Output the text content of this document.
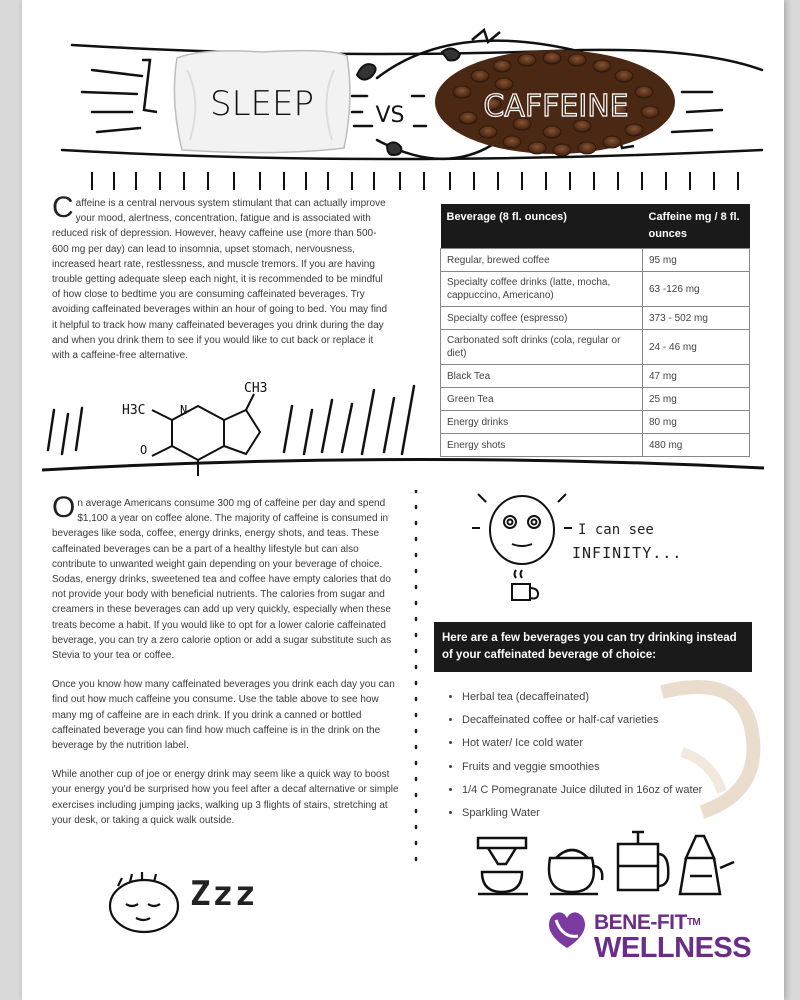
SLEEP	VS	CAFFEINE
Caffeine is a central nervous system stimulant that can actually improve your mood, alertness, concentration, fatigue and is associated with reduced risk of depression. However, heavy caffeine use (more than 500-600 mg per day) can lead to insomnia, upset stomach, nervousness, increased heart rate, restlessness, and muscle tremors. If you are having trouble getting adequate sleep each night, it is recommended to be mindful of how close to bedtime you are consuming caffeinated beverages. Try avoiding caffeinated beverages within an hour of going to bed. You may find it helpful to track how many caffeinated beverages you drink during the day and when you drink them to see if you would like to cut back or replace it with a caffeine-free alternative.
H3C
CH3
N
O
Beverage (8 fl. ounces)	Caffeine mg / 8 fl. ounces
Regular, brewed coffee	95 mg
Specialty coffee drinks (latte, mocha, cappuccino, Americano)	63 -126 mg
Specialty coffee (espresso)	373 - 502 mg
Carbonated soft drinks (cola, regular or diet)	24 - 46 mg
Black Tea	47 mg
Green Tea	25 mg
Energy drinks	80 mg
Energy shots	480 mg

On average Americans consume 300 mg of caffeine per day and spend $1,100 a year on coffee alone. The majority of caffeine is consumed in beverages like soda, coffee, energy drinks, energy shots, and teas. These caffeinated beverages can be a part of a healthy lifestyle but can also contribute to unwanted weight gain depending on your beverage of choice. Sodas, energy drinks, sweetened tea and coffee have empty calories that do not provide your body with beneficial nutrients. The calories from sugar and creamers in these beverages can add up very quickly, especially when these treats become a habit. If you would like to opt for a lower calorie caffeinated beverage, you can try a zero calorie option or add a sugar substitute such as Stevia to your tea or coffee.

Once you know how many caffeinated beverages you drink each day you can find out how much caffeine you consume. Use the table above to see how many mg of caffeine are in each drink. If you drink a canned or bottled caffeinated beverage you can find how much caffeine is in the drink on the beverage by the nutrition label.

While another cup of joe or energy drink may seem like a quick way to boost your energy you'd be surprised how you feel after a decaf alternative or simple exercises including jumping jacks, walking up 3 flights of stairs, stretching at your desk, or taking a quick walk outside.

I can see
INFINITY...
Here are a few beverages you can try drinking instead of your caffeinated beverage of choice:
• Herbal tea (decaffeinated)
• Decaffeinated coffee or half-caf varieties
• Hot water/ Ice cold water
• Fruits and veggie smoothies
• 1/4 C Pomegranate Juice diluted in 16oz of water
• Sparkling Water
Zzz
BENE-FIT™
WELLNESS
